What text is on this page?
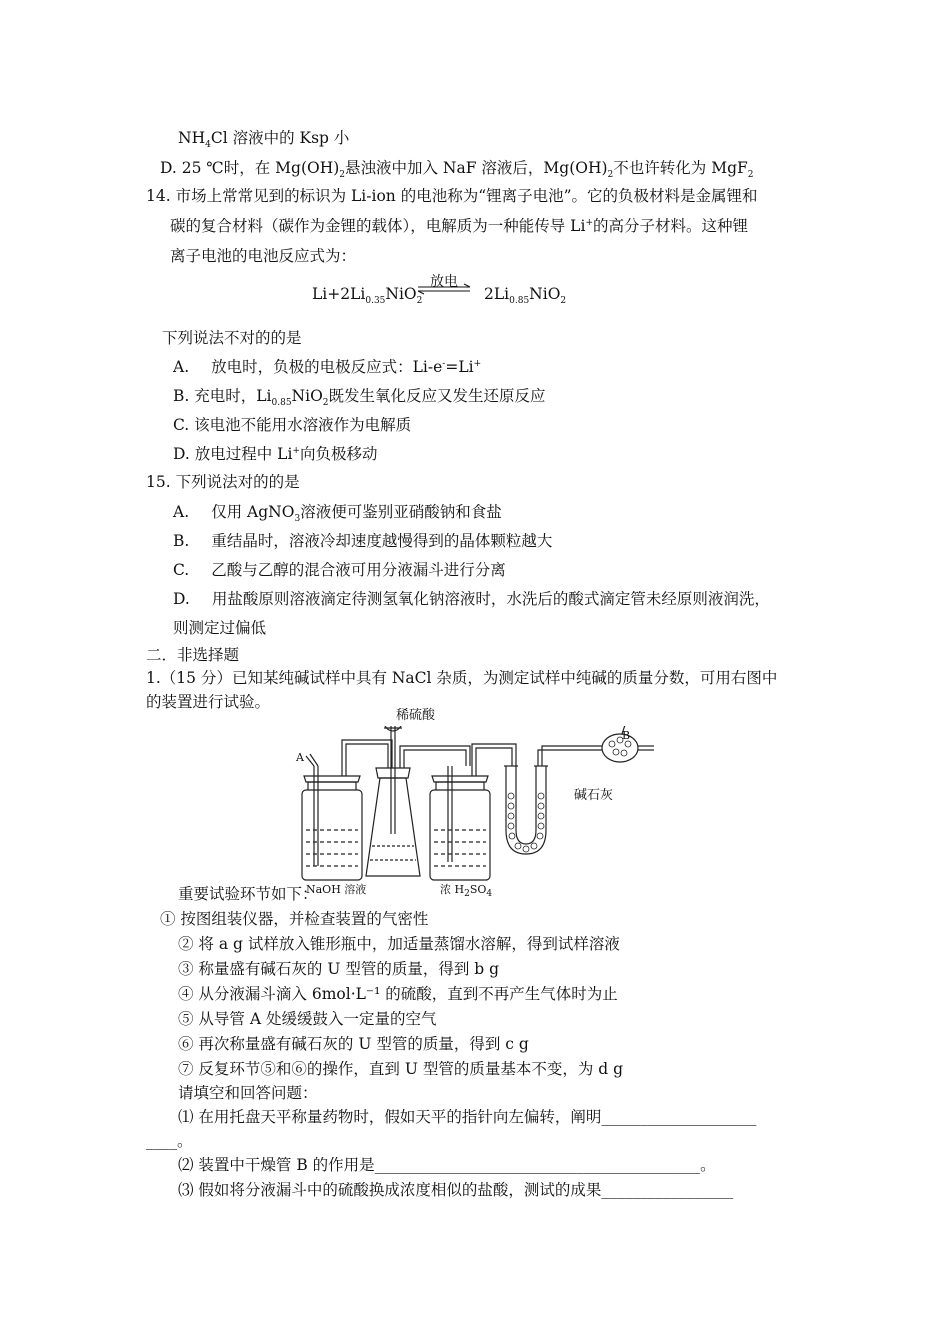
$NH_4Cl$ 溶液中的 Ksp 小
D. 25 ℃时，在 $Mg(OH)_2$悬浊液中加入 NaF 溶液后，$Mg(OH)_2$不也许转化为 MgF$_2$
14. 市场上常常见到的标识为 Li-ion 的电池称为“锂离子电池”。它的负极材料是金属锂和
碳的复合材料（碳作为金锂的载体），电解质为一种能传导 Li+的高分子材料。这种锂
离子电池的电池反应式为：
$Li+2Li_{0.35}NiO_2$
放电
⇌ $2Li_{0.85}NiO_2$
下列说法不对的的是
A. 放电时，负极的电极反应式：Li-e-=Li+
B. 充电时，$Li_{0.85}NiO_2$既发生氧化反应又发生还原反应
C. 该电池不能用水溶液作为电解质
D. 放电过程中 Li+向负极移动
15. 下列说法对的的是
A. 仅用 AgNO$_3$溶液便可鉴别亚硝酸钠和食盐
B. 重结晶时，溶液冷却速度越慢得到的晶体颗粒越大
C. 乙酸与乙醇的混合液可用分液漏斗进行分离
D. 用盐酸原则溶液滴定待测氢氧化钠溶液时，水洗后的酸式滴定管未经原则液润洗，
则测定过偏低
二．非选择题
1.（15 分）已知某纯碱试样中具有 NaCl 杂质，为测定试样中纯碱的质量分数，可用右图中
的装置进行试验。
稀硫酸
A
B
碱石灰
NaOH 溶液	浓 $H_2SO_4$
重要试验环节如下：
① 按图组装仪器，并检查装置的气密性
② 将 a g 试样放入锥形瓶中，加适量蒸馏水溶解，得到试样溶液
③ 称量盛有碱石灰的 U 型管的质量，得到 b g
④ 从分液漏斗滴入 6mol·L⁻¹ 的硫酸，直到不再产生气体时为止
⑤ 从导管 A 处缓缓鼓入一定量的空气
⑥ 再次称量盛有碱石灰的 U 型管的质量，得到 c g
⑦ 反复环节⑤和⑥的操作，直到 U 型管的质量基本不变，为 d g
请填空和回答问题：
⑴ 在用托盘天平称量药物时，假如天平的指针向左偏转，阐明____________________
____。
⑵ 装置中干燥管 B 的作用是__________________________________________。
⑶ 假如将分液漏斗中的硫酸换成浓度相似的盐酸，测试的成果_________________
